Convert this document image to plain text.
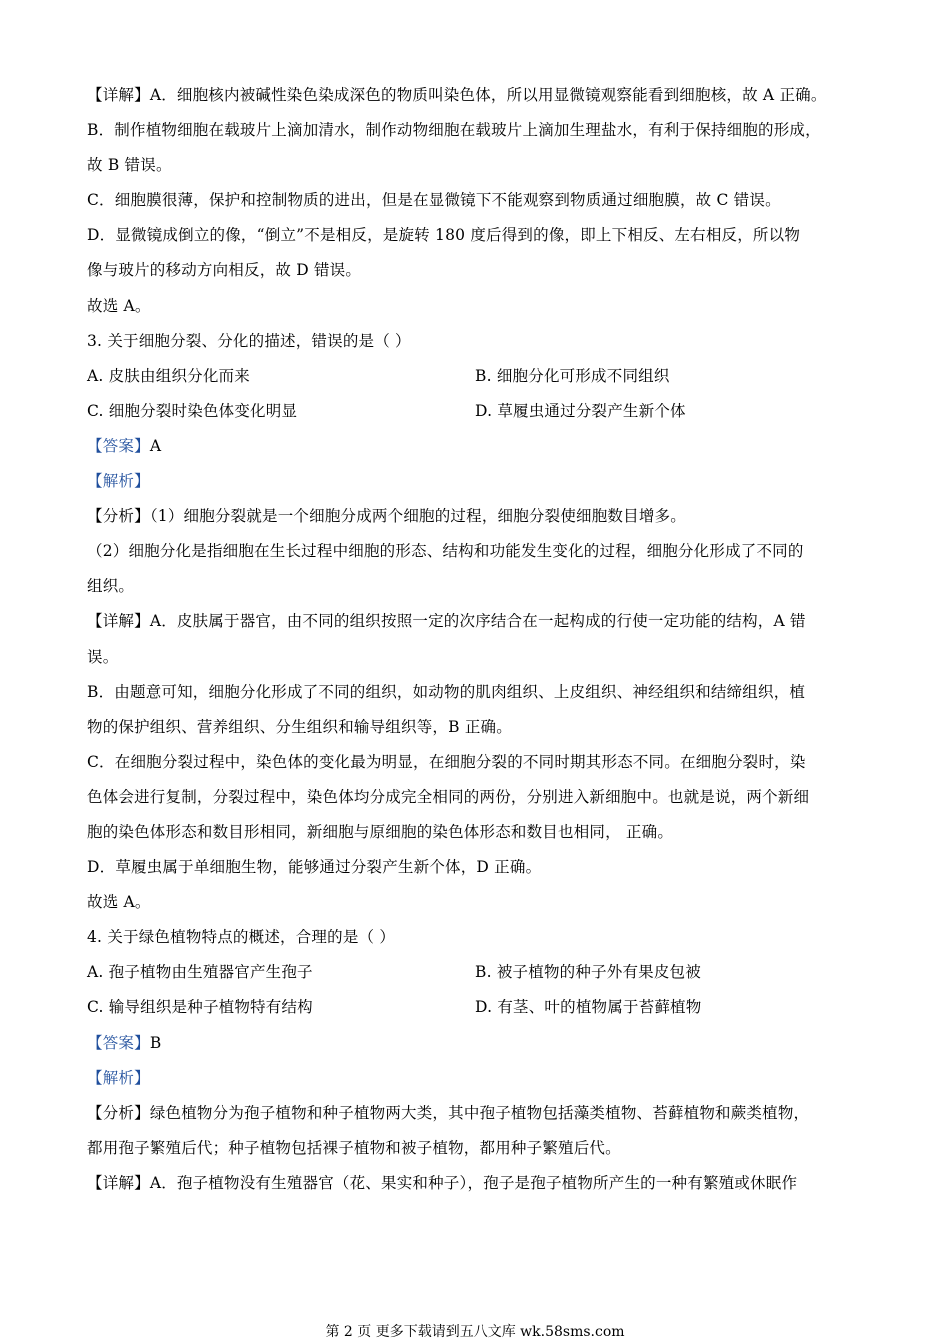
【详解】A．细胞核内被碱性染色染成深色的物质叫染色体，所以用显微镜观察能看到细胞核，故 A 正确。
B．制作植物细胞在载玻片上滴加清水，制作动物细胞在载玻片上滴加生理盐水，有利于保持细胞的形成，
故 B 错误。
C．细胞膜很薄，保护和控制物质的进出，但是在显微镜下不能观察到物质通过细胞膜，故 C 错误。
D．显微镜成倒立的像，“倒立”不是相反，是旋转 180 度后得到的像，即上下相反、左右相反，所以物
像与玻片的移动方向相反，故 D 错误。
故选 A。
3. 关于细胞分裂、分化的描述，错误的是（ ）
A. 皮肤由组织分化而来	B. 细胞分化可形成不同组织
C. 细胞分裂时染色体变化明显	D. 草履虫通过分裂产生新个体
【答案】A
【解析】
【分析】（1）细胞分裂就是一个细胞分成两个细胞的过程，细胞分裂使细胞数目增多。
（2）细胞分化是指细胞在生长过程中细胞的形态、结构和功能发生变化的过程，细胞分化形成了不同的
组织。
【详解】A．皮肤属于器官，由不同的组织按照一定的次序结合在一起构成的行使一定功能的结构，A 错
误。
B．由题意可知，细胞分化形成了不同的组织，如动物的肌肉组织、上皮组织、神经组织和结缔组织，植
物的保护组织、营养组织、分生组织和输导组织等，B 正确。
C．在细胞分裂过程中，染色体的变化最为明显，在细胞分裂的不同时期其形态不同。在细胞分裂时，染
色体会进行复制，分裂过程中，染色体均分成完全相同的两份，分别进入新细胞中。也就是说，两个新细
胞的染色体形态和数目形相同，新细胞与原细胞的染色体形态和数目也相同， 正确。
D．草履虫属于单细胞生物，能够通过分裂产生新个体，D 正确。
故选 A。
4. 关于绿色植物特点的概述，合理的是（ ）
A. 孢子植物由生殖器官产生孢子	B. 被子植物的种子外有果皮包被
C. 输导组织是种子植物特有结构	D. 有茎、叶的植物属于苔藓植物
【答案】B
【解析】
【分析】绿色植物分为孢子植物和种子植物两大类，其中孢子植物包括藻类植物、苔藓植物和蕨类植物，
都用孢子繁殖后代；种子植物包括裸子植物和被子植物，都用种子繁殖后代。
【详解】A．孢子植物没有生殖器官（花、果实和种子），孢子是孢子植物所产生的一种有繁殖或休眠作
第 2 页 更多下载请到五八文库 wk.58sms.com
